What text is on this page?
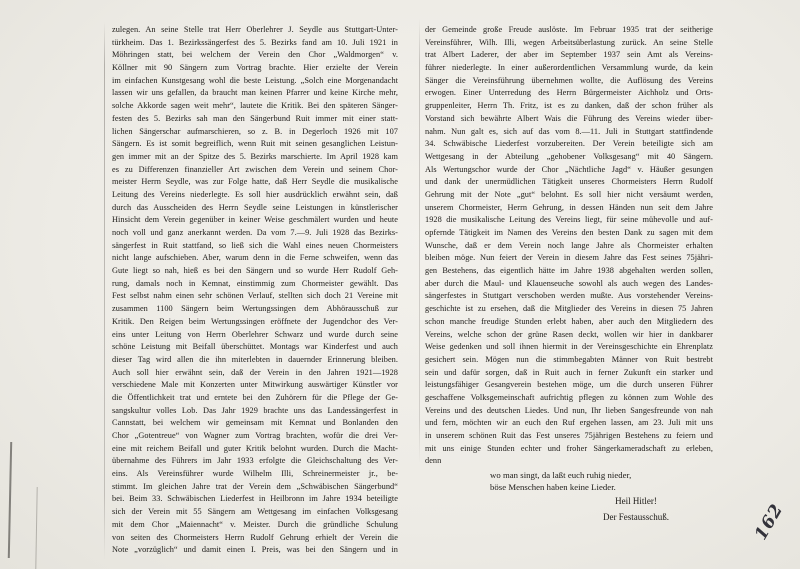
zulegen. An seine Stelle trat Herr Oberlehrer J. Seydle aus Stuttgart-Unter-
türkheim. Das 1. Bezirkssängerfest des 5. Bezirks fand am 10. Juli 1921 in
Möhringen statt, bei welchem der Verein den Chor „Waldmorgen“ v.
Köllner mit 90 Sängern zum Vortrag brachte. Hier erzielte der Verein
im einfachen Kunstgesang wohl die beste Leistung. „Solch eine Morgenandacht
lassen wir uns gefallen, da braucht man keinen Pfarrer und keine Kirche mehr,
solche Akkorde sagen weit mehr“, lautete die Kritik. Bei den späteren Sänger-
festen des 5. Bezirks sah man den Sängerbund Ruit immer mit einer statt-
lichen Sängerschar aufmarschieren, so z. B. in Degerloch 1926 mit 107
Sängern. Es ist somit begreiflich, wenn Ruit mit seinen gesanglichen Leistun-
gen immer mit an der Spitze des 5. Bezirks marschierte. Im April 1928 kam
es zu Differenzen finanzieller Art zwischen dem Verein und seinem Chor-
meister Herrn Seydle, was zur Folge hatte, daß Herr Seydle die musikalische
Leitung des Vereins niederlegte. Es soll hier ausdrücklich erwähnt sein, daß
durch das Ausscheiden des Herrn Seydle seine Leistungen in künstlerischer
Hinsicht dem Verein gegenüber in keiner Weise geschmälert wurden und heute
noch voll und ganz anerkannt werden. Da vom 7.—9. Juli 1928 das Bezirks-
sängerfest in Ruit stattfand, so ließ sich die Wahl eines neuen Chormeisters
nicht lange aufschieben. Aber, warum denn in die Ferne schweifen, wenn das
Gute liegt so nah, hieß es bei den Sängern und so wurde Herr Rudolf Geh-
rung, damals noch in Kemnat, einstimmig zum Chormeister gewählt. Das
Fest selbst nahm einen sehr schönen Verlauf, stellten sich doch 21 Vereine mit
zusammen 1100 Sängern beim Wertungssingen dem Abhörausschuß zur
Kritik. Den Reigen beim Wertungssingen eröffnete der Jugendchor des Ver-
eins unter Leitung von Herrn Oberlehrer Schwarz und wurde durch seine
schöne Leistung mit Beifall überschüttet. Montags war Kinderfest und auch
dieser Tag wird allen die ihn miterlebten in dauernder Erinnerung bleiben.
Auch soll hier erwähnt sein, daß der Verein in den Jahren 1921—1928
verschiedene Male mit Konzerten unter Mitwirkung auswärtiger Künstler vor
die Öffentlichkeit trat und erntete bei den Zuhörern für die Pflege der Ge-
sangskultur volles Lob. Das Jahr 1929 brachte uns das Landessängerfest in
Cannstatt, bei welchem wir gemeinsam mit Kemnat und Bonlanden den
Chor „Gotentreue“ von Wagner zum Vortrag brachten, wofür die drei Ver-
eine mit reichem Beifall und guter Kritik belohnt wurden. Durch die Macht-
übernahme des Führers im Jahr 1933 erfolgte die Gleichschaltung des Ver-
eins. Als Vereinsführer wurde Wilhelm Illi, Schreinermeister jr., be-
stimmt. Im gleichen Jahre trat der Verein dem „Schwäbischen Sängerbund“
bei. Beim 33. Schwäbischen Liederfest in Heilbronn im Jahre 1934 beteiligte
sich der Verein mit 55 Sängern am Wettgesang im einfachen Volksgesang
mit dem Chor „Maiennacht“ v. Meister. Durch die gründliche Schulung
von seiten des Chormeisters Herrn Rudolf Gehrung erhielt der Verein die
Note „vorzüglich“ und damit einen I. Preis, was bei den Sängern und in
der Gemeinde große Freude auslöste. Im Februar 1935 trat der seitherige
Vereinsführer, Wilh. Illi, wegen Arbeitsüberlastung zurück. An seine Stelle
trat Albert Laderer, der aber im September 1937 sein Amt als Vereins-
führer niederlegte. In einer außerordentlichen Versammlung wurde, da kein
Sänger die Vereinsführung übernehmen wollte, die Auflösung des Vereins
erwogen. Einer Unterredung des Herrn Bürgermeister Aichholz und Orts-
gruppenleiter, Herrn Th. Fritz, ist es zu danken, daß der schon früher als
Vorstand sich bewährte Albert Wais die Führung des Vereins wieder über-
nahm. Nun galt es, sich auf das vom 8.—11. Juli in Stuttgart stattfindende
34. Schwäbische Liederfest vorzubereiten. Der Verein beteiligte sich am
Wettgesang in der Abteilung „gehobener Volksgesang“ mit 40 Sängern.
Als Wertungschor wurde der Chor „Nächtliche Jagd“ v. Häußer gesungen
und dank der unermüdlichen Tätigkeit unseres Chormeisters Herrn Rudolf
Gehrung mit der Note „gut“ belohnt. Es soll hier nicht versäumt werden,
unserem Chormeister, Herrn Gehrung, in dessen Händen nun seit dem Jahre
1928 die musikalische Leitung des Vereins liegt, für seine mühevolle und auf-
opfernde Tätigkeit im Namen des Vereins den besten Dank zu sagen mit dem
Wunsche, daß er dem Verein noch lange Jahre als Chormeister erhalten
bleiben möge. Nun feiert der Verein in diesem Jahre das Fest seines 75jähri-
gen Bestehens, das eigentlich hätte im Jahre 1938 abgehalten werden sollen,
aber durch die Maul- und Klauenseuche sowohl als auch wegen des Landes-
sängerfestes in Stuttgart verschoben werden mußte. Aus vorstehender Vereins-
geschichte ist zu ersehen, daß die Mitglieder des Vereins in diesen 75 Jahren
schon manche freudige Stunden erlebt haben, aber auch den Mitgliedern des
Vereins, welche schon der grüne Rasen deckt, wollen wir hier in dankbarer
Weise gedenken und soll ihnen hiermit in der Vereinsgeschichte ein Ehrenplatz
gesichert sein. Mögen nun die stimmbegabten Männer von Ruit bestrebt
sein und dafür sorgen, daß in Ruit auch in ferner Zukunft ein starker und
leistungsfähiger Gesangverein bestehen möge, um die durch unseren Führer
geschaffene Volksgemeinschaft aufrichtig pflegen zu können zum Wohle des
Vereins und des deutschen Liedes. Und nun, Ihr lieben Sangesfreunde von nah
und fern, möchten wir an euch den Ruf ergehen lassen, am 23. Juli mit uns
in unserem schönen Ruit das Fest unseres 75jährigen Bestehens zu feiern und
mit uns einige Stunden echter und froher Sängerkameradschaft zu erleben,
denn
wo man singt, da laßt euch ruhig nieder,
böse Menschen haben keine Lieder.
Heil Hitler!
Der Festausschuß.	162
